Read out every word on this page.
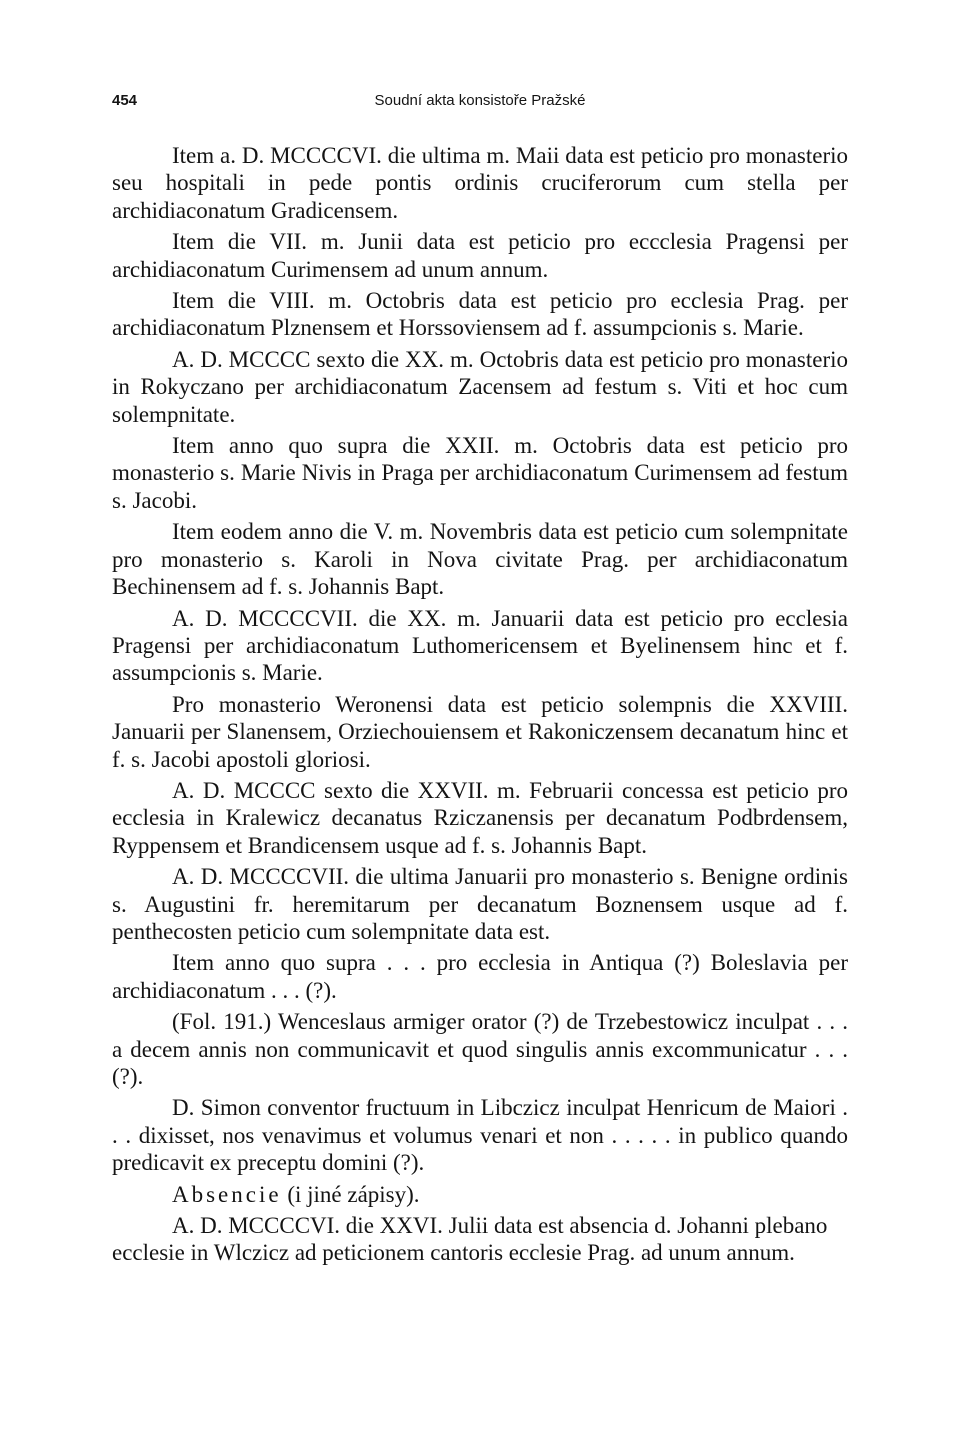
454	Soudní akta konsistoře Pražské

Item a. D. MCCCCVI. die ultima m. Maii data est peticio pro monasterio seu hospitali in pede pontis ordinis cruciferorum cum stella per archidiaconatum Gradicensem.

Item die VII. m. Junii data est peticio pro eccclesia Pragensi per archidiaconatum Curimensem ad unum annum.

Item die VIII. m. Octobris data est peticio pro ecclesia Prag. per archidiaconatum Plznensem et Horssoviensem ad f. assumpcionis s. Marie.

A. D. MCCCC sexto die XX. m. Octobris data est peticio pro monasterio in Rokyczano per archidiaconatum Zacensem ad festum s. Viti et hoc cum solempnitate.

Item anno quo supra die XXII. m. Octobris data est peticio pro monasterio s. Marie Nivis in Praga per archidiaconatum Curimensem ad festum s. Jacobi.

Item eodem anno die V. m. Novembris data est peticio cum solempnitate pro monasterio s. Karoli in Nova civitate Prag. per archidiaconatum Bechinensem ad f. s. Johannis Bapt.

A. D. MCCCCVII. die XX. m. Januarii data est peticio pro ecclesia Pragensi per archidiaconatum Luthomericensem et Byelinensem hinc et f. assumpcionis s. Marie.

Pro monasterio Weronensi data est peticio solempnis die XXVIII. Januarii per Slanensem, Orziechouiensem et Rakoniczensem decanatum hinc et f. s. Jacobi apostoli gloriosi.

A. D. MCCCC sexto die XXVII. m. Februarii concessa est peticio pro ecclesia in Kralewicz decanatus Rziczanensis per decanatum Podbrdensem, Ryppensem et Brandicensem usque ad f. s. Johannis Bapt.

A. D. MCCCCVII. die ultima Januarii pro monasterio s. Benigne ordinis s. Augustini fr. heremitarum per decanatum Boznensem usque ad f. penthecosten peticio cum solempnitate data est.

Item anno quo supra . . . pro ecclesia in Antiqua (?) Boleslavia per archidiaconatum . . . (?).

(Fol. 191.) Wenceslaus armiger orator (?) de Trzebestowicz inculpat . . . a decem annis non communicavit et quod singulis annis excommunicatur . . . (?).

D. Simon conventor fructuum in Libczicz inculpat Henricum de Maiori . . . dixisset, nos venavimus et volumus venari et non . . . . . in publico quando predicavit ex preceptu domini (?).

Absencie (i jiné zápisy).

A. D. MCCCCVI. die XXVI. Julii data est absencia d. Johanni plebano ecclesie in Wlczicz ad peticionem cantoris ecclesie Prag. ad unum annum.
